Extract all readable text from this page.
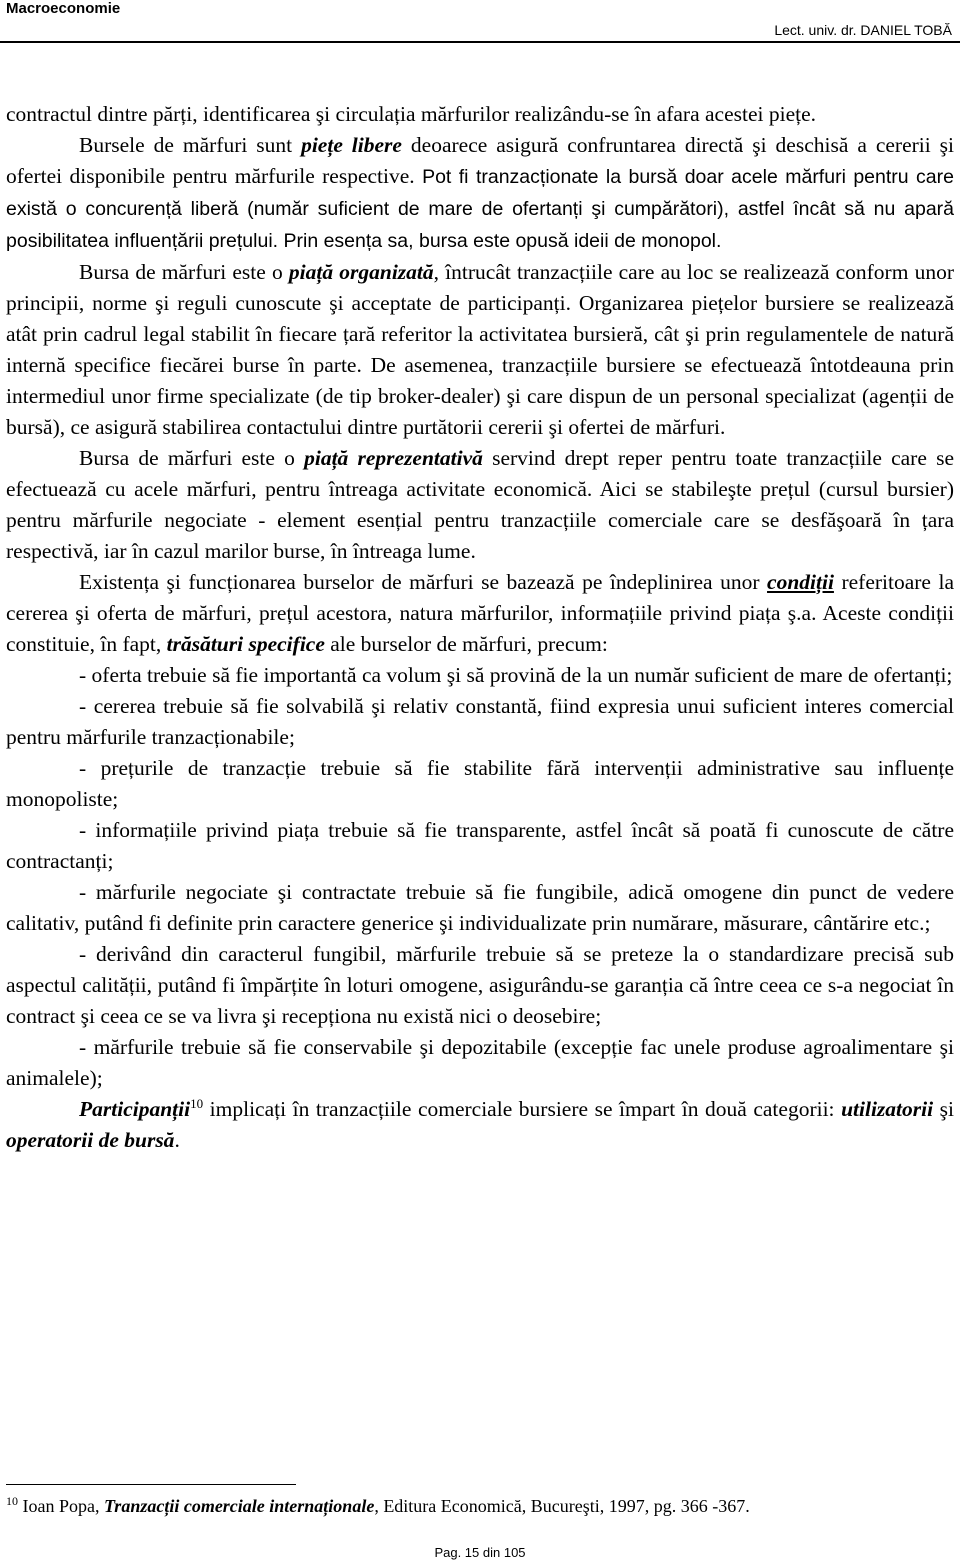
Macroeconomie
Lect. univ. dr. DANIEL TOBĂ

contractul dintre părți, identificarea şi circulația mărfurilor realizându-se în afara acestei piețe.

Bursele de mărfuri sunt piețe libere deoarece asigură confruntarea directă şi deschisă a cererii şi ofertei disponibile pentru mărfurile respective. Pot fi tranzacționate la bursă doar acele mărfuri pentru care există o concurență liberă (număr suficient de mare de ofertanți şi cumpărători), astfel încât să nu apară posibilitatea influențării prețului. Prin esența sa, bursa este opusă ideii de monopol.

Bursa de mărfuri este o piață organizată, întrucât tranzacțiile care au loc se realizează conform unor principii, norme şi reguli cunoscute şi acceptate de participanți. Organizarea piețelor bursiere se realizează atât prin cadrul legal stabilit în fiecare țară referitor la activitatea bursieră, cât şi prin regulamentele de natură internă specifice fiecărei burse în parte. De asemenea, tranzacțiile bursiere se efectuează întotdeauna prin intermediul unor firme specializate (de tip broker-dealer) şi care dispun de un personal specializat (agenții de bursă), ce asigură stabilirea contactului dintre purtătorii cererii şi ofertei de mărfuri.

Bursa de mărfuri este o piață reprezentativă servind drept reper pentru toate tranzacțiile care se efectuează cu acele mărfuri, pentru întreaga activitate economică. Aici se stabileşte prețul (cursul bursier) pentru mărfurile negociate - element esențial pentru tranzacțiile comerciale care se desfăşoară în țara respectivă, iar în cazul marilor burse, în întreaga lume.

Existența şi funcționarea burselor de mărfuri se bazează pe îndeplinirea unor condiții referitoare la cererea şi oferta de mărfuri, prețul acestora, natura mărfurilor, informațiile privind piața ş.a. Aceste condiții constituie, în fapt, trăsături specifice ale burselor de mărfuri, precum:

- oferta trebuie să fie importantă ca volum şi să provină de la un număr suficient de mare de ofertanți;

- cererea trebuie să fie solvabilă şi relativ constantă, fiind expresia unui suficient interes comercial pentru mărfurile tranzacționabile;

- prețurile de tranzacție trebuie să fie stabilite fără intervenții administrative sau influențe monopoliste;

- informațiile privind piața trebuie să fie transparente, astfel încât să poată fi cunoscute de către contractanți;

- mărfurile negociate şi contractate trebuie să fie fungibile, adică omogene din punct de vedere calitativ, putând fi definite prin caractere generice şi individualizate prin numărare, măsurare, cântărire etc.;

- derivând din caracterul fungibil, mărfurile trebuie să se preteze la o standardizare precisă sub aspectul calității, putând fi împărțite în loturi omogene, asigurându-se garanția că între ceea ce s-a negociat în contract şi ceea ce se va livra şi recepționa nu există nici o deosebire;

- mărfurile trebuie să fie conservabile şi depozitabile (excepție fac unele produse agroalimentare şi animalele);

Participanții$^{10}$ implicați în tranzacțiile comerciale bursiere se împart în două categorii: utilizatorii şi operatorii de bursă.

$^{10}$ Ioan Popa, Tranzacții comerciale internaționale, Editura Economică, Bucureşti, 1997, pg. 366 -367.
Pag. 15 din 105
